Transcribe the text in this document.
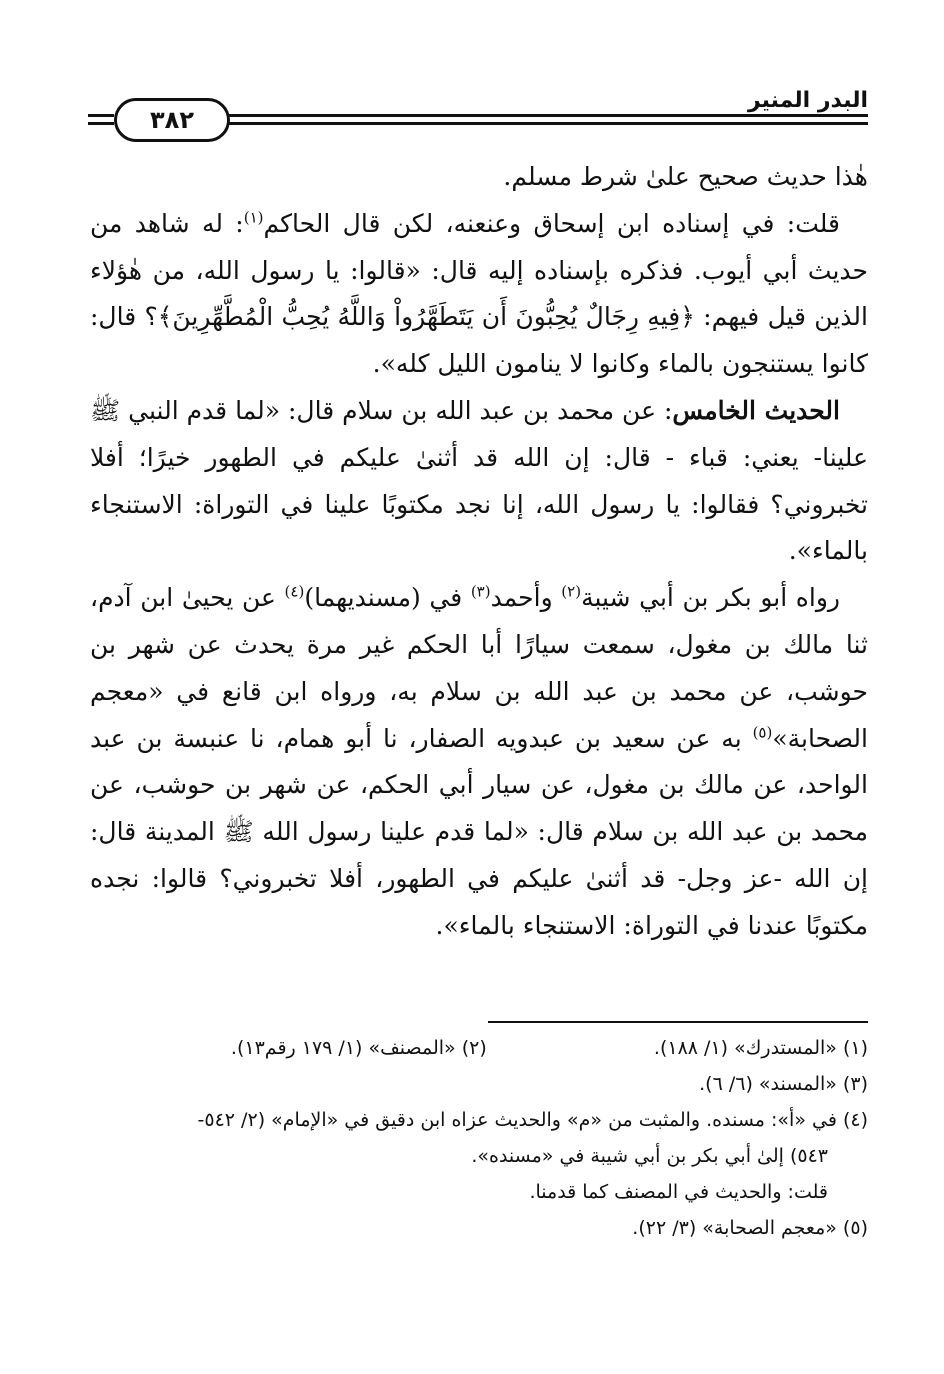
٣٨٢
البدر المنير

هٰذا حديث صحيح علىٰ شرط مسلم.

قلت: في إسناده ابن إسحاق وعنعنه، لكن قال الحاكم$^{(١)}$: له شاهد من حديث أبي أيوب. فذكره بإسناده إليه قال: «قالوا: يا رسول الله، من هٰؤلاء الذين قيل فيهم: ﴿فِيهِ رِجَالٌ يُحِبُّونَ أَن يَتَطَهَّرُواْ وَاللَّهُ يُحِبُّ الْمُطَّهِّرِينَ﴾؟ قال: كانوا يستنجون بالماء وكانوا لا ينامون الليل كله».

الحديث الخامس: عن محمد بن عبد الله بن سلام قال: «لما قدم النبي ﷺ علينا- يعني: قباء - قال: إن الله قد أثنىٰ عليكم في الطهور خيرًا؛ أفلا تخبروني؟ فقالوا: يا رسول الله، إنا نجد مكتوبًا علينا في التوراة: الاستنجاء بالماء».

رواه أبو بكر بن أبي شيبة$^{(٢)}$ وأحمد$^{(٣)}$ في (مسنديهما)$^{(٤)}$ عن يحيىٰ ابن آدم، ثنا مالك بن مغول، سمعت سيارًا أبا الحكم غير مرة يحدث عن شهر بن حوشب، عن محمد بن عبد الله بن سلام به، ورواه ابن قانع في «معجم الصحابة»$^{(٥)}$ به عن سعيد بن عبدويه الصفار، نا أبو همام، نا عنبسة بن عبد الواحد، عن مالك بن مغول، عن سيار أبي الحكم، عن شهر بن حوشب، عن محمد بن عبد الله بن سلام قال: «لما قدم علينا رسول الله ﷺ المدينة قال: إن الله -عز وجل- قد أثنىٰ عليكم في الطهور، أفلا تخبروني؟ قالوا: نجده مكتوبًا عندنا في التوراة: الاستنجاء بالماء».

(١) «المستدرك» (١/ ١٨٨).
(٢) «المصنف» (١/ ١٧٩ رقم١٣).

(٣) «المسند» (٦/ ٦).

(٤) في «أ»: مسنده. والمثبت من «م» والحديث عزاه ابن دقيق في «الإمام» (٢/ ٥٤٢-

٥٤٣) إلىٰ أبي بكر بن أبي شيبة في «مسنده».

قلت: والحديث في المصنف كما قدمنا.

(٥) «معجم الصحابة» (٣/ ٢٢).
